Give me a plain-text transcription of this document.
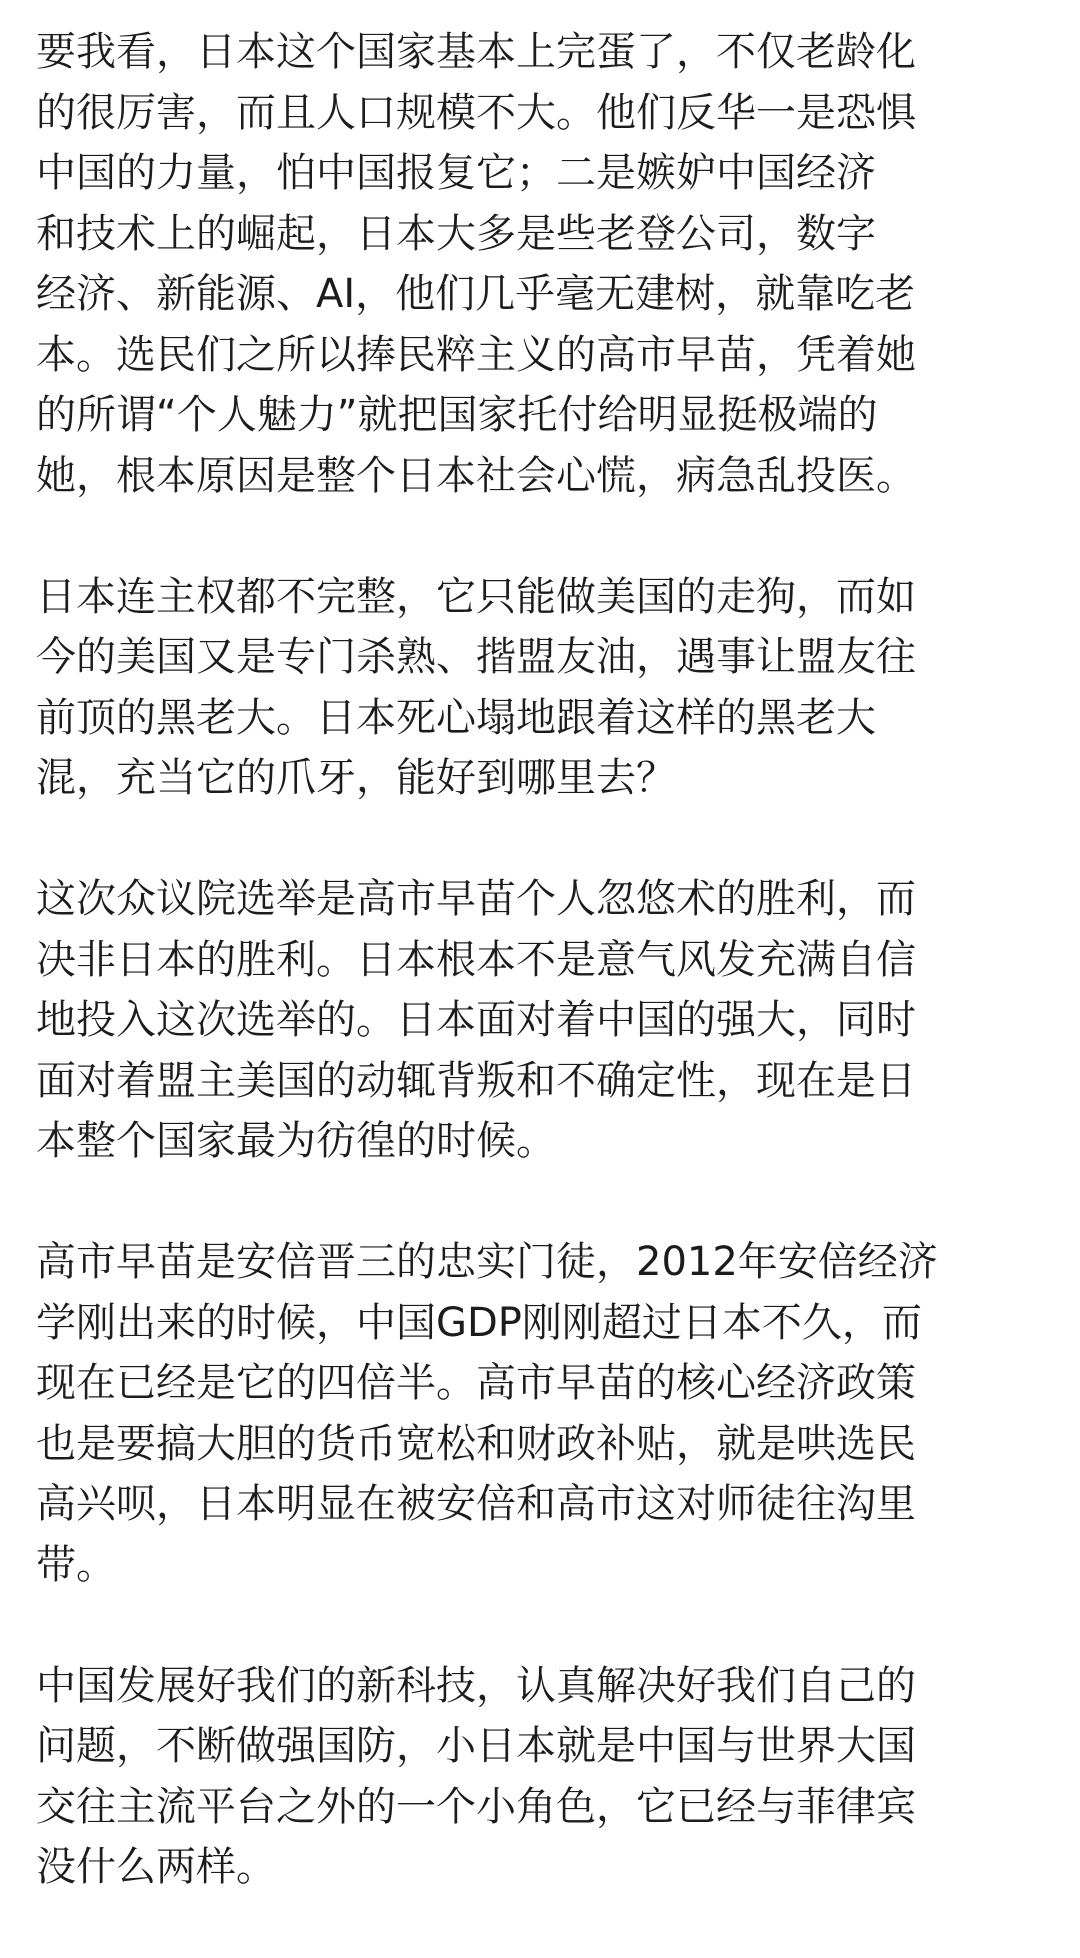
要我看，日本这个国家基本上完蛋了，不仅老龄化
的很厉害，而且人口规模不大。他们反华一是恐惧
中国的力量，怕中国报复它；二是嫉妒中国经济
和技术上的崛起，日本大多是些老登公司，数字
经济、新能源、AI，他们几乎毫无建树，就靠吃老
本。选民们之所以捧民粹主义的高市早苗，凭着她
的所谓“个人魅力”就把国家托付给明显挺极端的
她，根本原因是整个日本社会心慌，病急乱投医。
日本连主权都不完整，它只能做美国的走狗，而如
今的美国又是专门杀熟、揩盟友油，遇事让盟友往
前顶的黑老大。日本死心塌地跟着这样的黑老大
混，充当它的爪牙，能好到哪里去？
这次众议院选举是高市早苗个人忽悠术的胜利，而
决非日本的胜利。日本根本不是意气风发充满自信
地投入这次选举的。日本面对着中国的强大，同时
面对着盟主美国的动辄背叛和不确定性，现在是日
本整个国家最为彷徨的时候。
高市早苗是安倍晋三的忠实门徒，2012年安倍经济
学刚出来的时候，中国GDP刚刚超过日本不久，而
现在已经是它的四倍半。高市早苗的核心经济政策
也是要搞大胆的货币宽松和财政补贴，就是哄选民
高兴呗，日本明显在被安倍和高市这对师徒往沟里
带。
中国发展好我们的新科技，认真解决好我们自己的
问题，不断做强国防，小日本就是中国与世界大国
交往主流平台之外的一个小角色，它已经与菲律宾
没什么两样。
